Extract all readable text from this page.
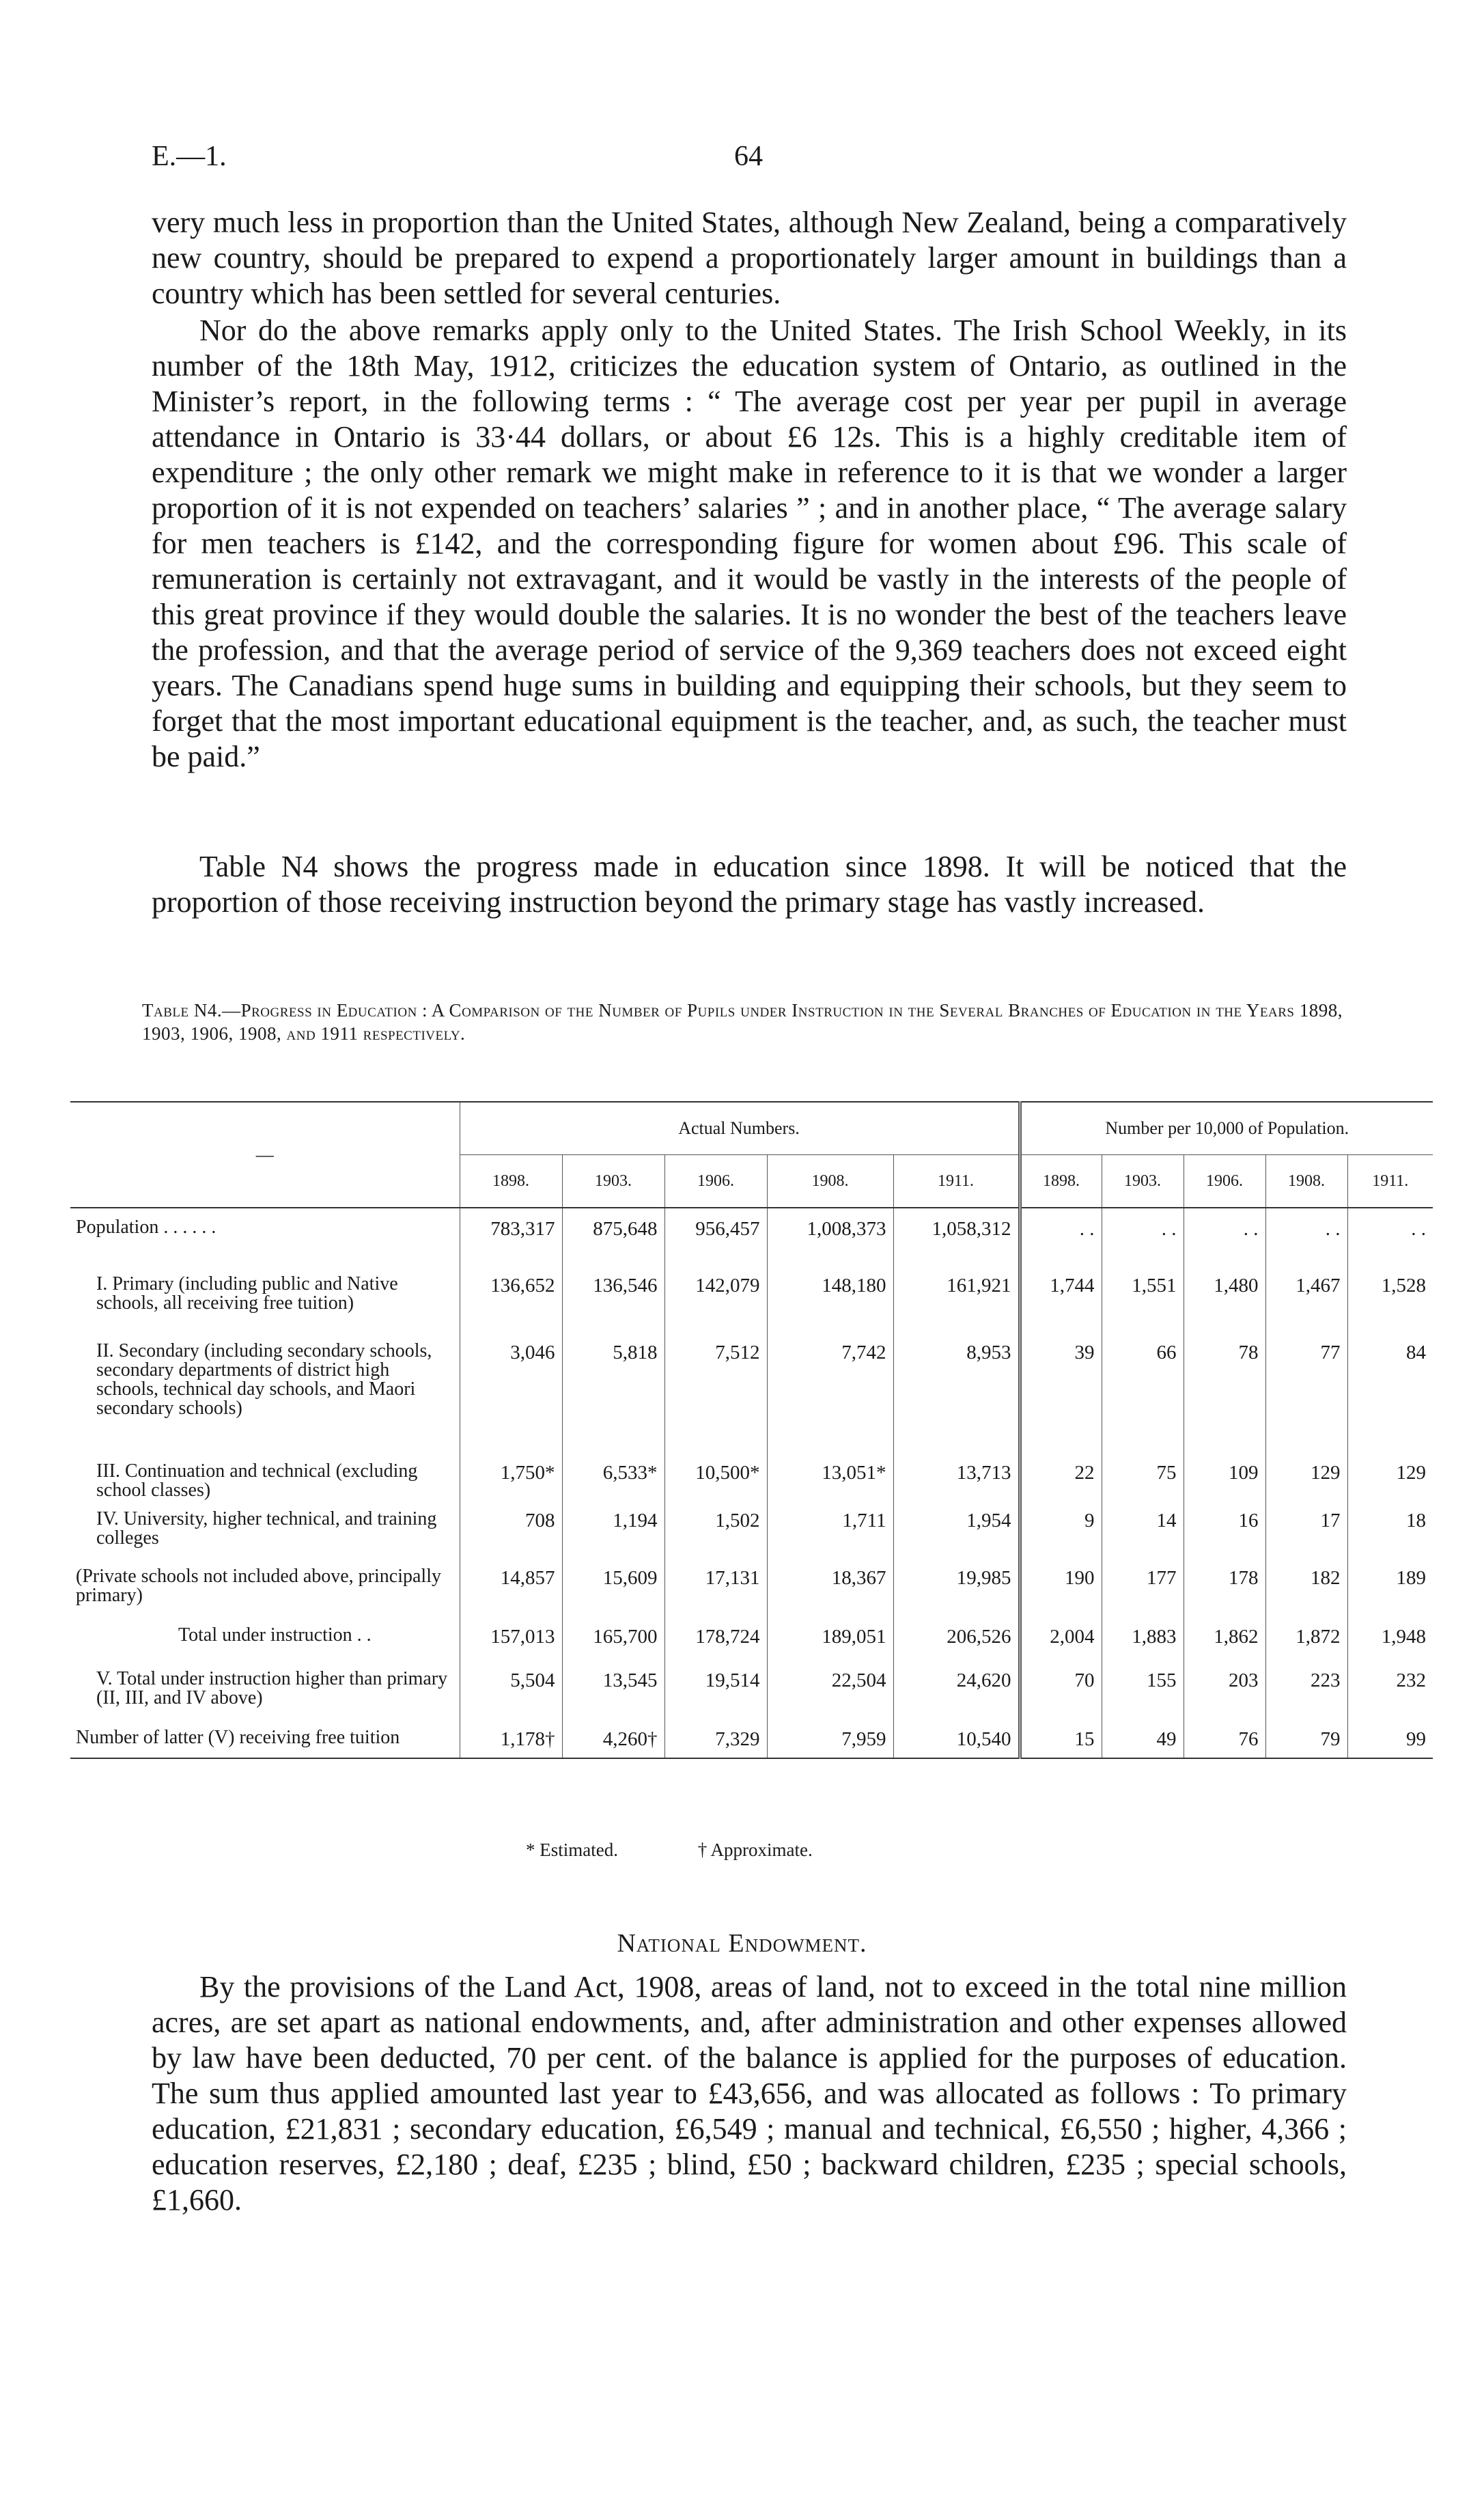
E.—1.	64

very much less in proportion than the United States, although New Zealand, being a comparatively new country, should be prepared to expend a proportionately larger amount in buildings than a country which has been settled for several centuries.

Nor do the above remarks apply only to the United States. The Irish School Weekly, in its number of the 18th May, 1912, criticizes the education system of Ontario, as outlined in the Minister’s report, in the following terms : “ The average cost per year per pupil in average attendance in Ontario is 33·44 dollars, or about £6 12s. This is a highly creditable item of expenditure ; the only other remark we might make in reference to it is that we wonder a larger proportion of it is not expended on teachers’ salaries ” ; and in another place, “ The average salary for men teachers is £142, and the corresponding figure for women about £96. This scale of remuneration is certainly not extravagant, and it would be vastly in the interests of the people of this great province if they would double the salaries. It is no wonder the best of the teachers leave the profession, and that the average period of service of the 9,369 teachers does not exceed eight years. The Canadians spend huge sums in building and equipping their schools, but they seem to forget that the most important educational equipment is the teacher, and, as such, the teacher must be paid.”

Table N4 shows the progress made in education since 1898. It will be noticed that the proportion of those receiving instruction beyond the primary stage has vastly increased.

Table N4.—Progress in Education : A Comparison of the Number of Pupils under Instruction in the Several Branches of Education in the Years 1898, 1903, 1906, 1908, and 1911 respectively.
—	Actual Numbers.					Number per 10,000 of Population.				
	1898.	1903.	1906.	1908.	1911.	1898.	1903.	1906.	1908.	1911.
Population . . . . . .	783,317	875,648	956,457	1,008,373	1,058,312	. .	. .	. .	. .	. .
I. Primary (including public and Native schools, all receiving free tuition)	136,652	136,546	142,079	148,180	161,921	1,744	1,551	1,480	1,467	1,528
II. Secondary (including secondary schools, secondary departments of district high schools, technical day schools, and Maori secondary schools)	3,046	5,818	7,512	7,742	8,953	39	66	78	77	84
III. Continuation and technical (excluding school classes)	1,750*	6,533*	10,500*	13,051*	13,713	22	75	109	129	129
IV. University, higher technical, and training colleges	708	1,194	1,502	1,711	1,954	9	14	16	17	18
(Private schools not included above, principally primary)	14,857	15,609	17,131	18,367	19,985	190	177	178	182	189
Total under instruction . .	157,013	165,700	178,724	189,051	206,526	2,004	1,883	1,862	1,872	1,948
V. Total under instruction higher than primary (II, III, and IV above)	5,504	13,545	19,514	22,504	24,620	70	155	203	223	232
Number of latter (V) receiving free tuition	1,178†	4,260†	7,329	7,959	10,540	15	49	76	79	99
* Estimated.	† Approximate.
National Endowment.

By the provisions of the Land Act, 1908, areas of land, not to exceed in the total nine million acres, are set apart as national endowments, and, after administration and other expenses allowed by law have been deducted, 70 per cent. of the balance is applied for the purposes of education. The sum thus applied amounted last year to £43,656, and was allocated as follows : To primary education, £21,831 ; secondary education, £6,549 ; manual and technical, £6,550 ; higher, 4,366 ; education reserves, £2,180 ; deaf, £235 ; blind, £50 ; backward children, £235 ; special schools, £1,660.
